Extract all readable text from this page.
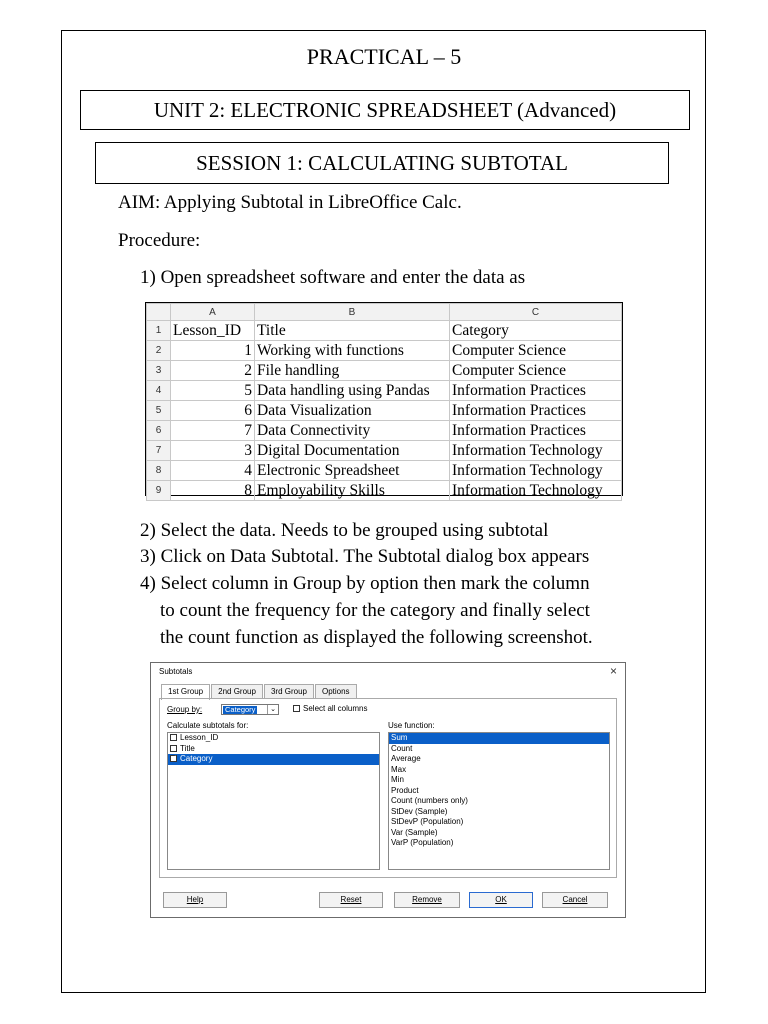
PRACTICAL – 5
UNIT 2: ELECTRONIC SPREADSHEET (Advanced)
SESSION 1: CALCULATING SUBTOTAL
AIM: Applying Subtotal in LibreOffice Calc.
Procedure:
1) Open spreadsheet software and enter the data as
	A	B	C
1	Lesson_ID	Title	Category
2	1	Working with functions	Computer Science
3	2	File handling	Computer Science
4	5	Data handling using Pandas	Information Practices
5	6	Data Visualization	Information Practices
6	7	Data Connectivity	Information Practices
7	3	Digital Documentation	Information Technology
8	4	Electronic Spreadsheet	Information Technology
9	8	Employability Skills	Information Technology
2) Select the data. Needs to be grouped using subtotal
3) Click on Data Subtotal. The Subtotal dialog box appears
4) Select column in Group by option then mark the column
to count the frequency for the category and finally select
the count function as displayed the following screenshot.
Subtotals	×
1st Group	2nd Group	3rd Group	Options
Group by:	Category	⌄	Select all columns
Calculate subtotals for:
Lesson_ID
Title
✓ Category
Use function:
Sum
Count
Average
Max
Min
Product
Count (numbers only)
StDev (Sample)
StDevP (Population)
Var (Sample)
VarP (Population)
Help	Reset	Remove	OK	Cancel
